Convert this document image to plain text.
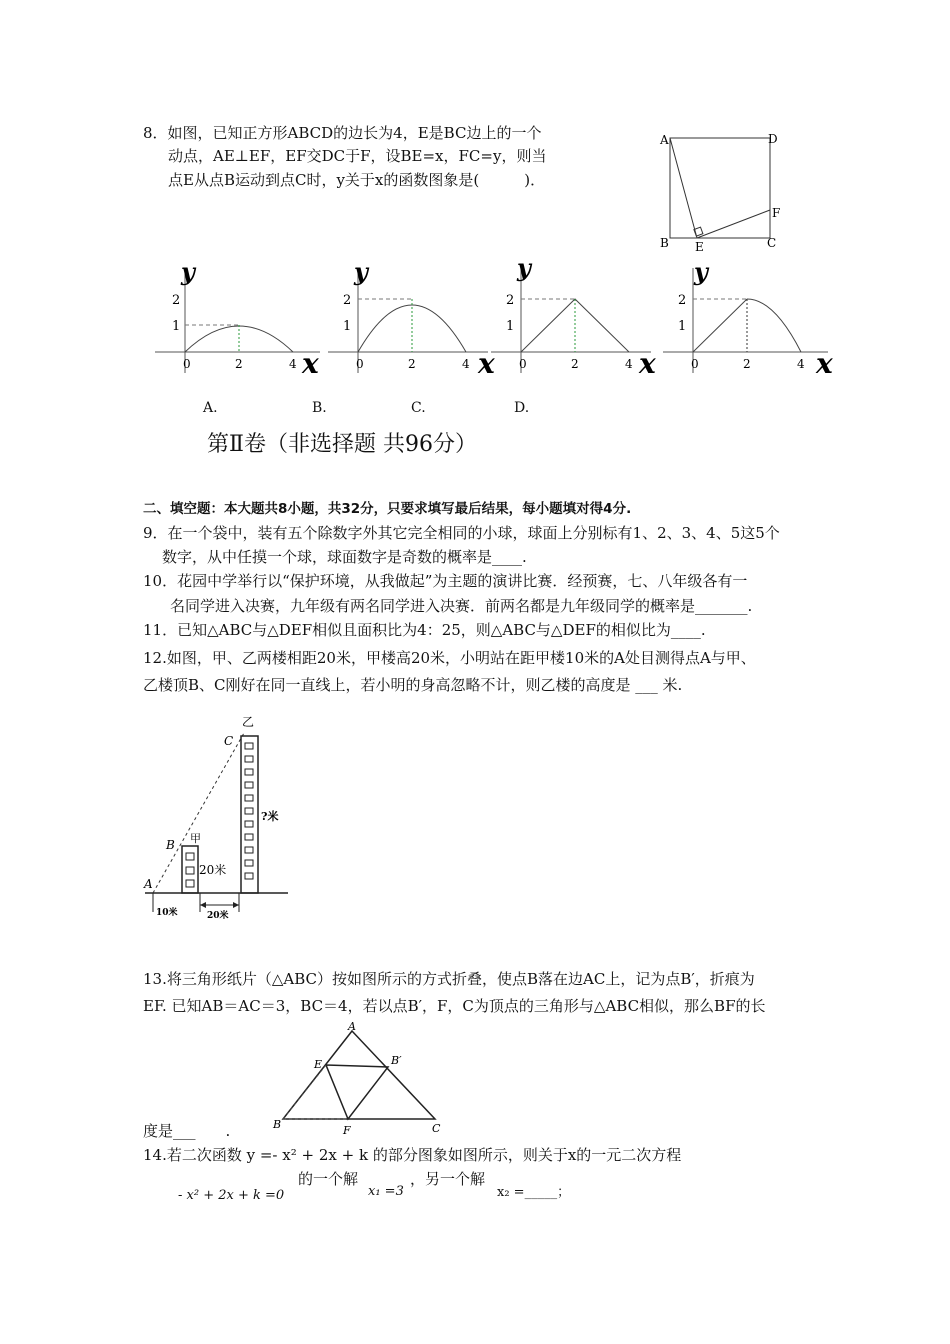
8．如图，已知正方形ABCD的边长为4，E是BC边上的一个
动点，AE⊥EF，EF交DC于F，设BE=x，FC=y，则当
点E从点B运动到点C时，y关于x的函数图象是(　　　)．
A	D
B E	C
F
y
2
1
0	2	4 x
y
2
1
0	2	4 x
y
2
1
0	2	4 x
y
2
1
0	2	4 x
A.	B.	C.	D.
第Ⅱ卷（非选择题 共96分）
二、填空题：本大题共8小题，共32分，只要求填写最后结果，每小题填对得4分.
9．在一个袋中，装有五个除数字外其它完全相同的小球，球面上分别标有1、2、3、4、5这5个
数字，从中任摸一个球，球面数字是奇数的概率是____.
10．花园中学举行以“保护环境，从我做起”为主题的演讲比赛．经预赛，七、八年级各有一
名同学进入决赛，九年级有两名同学进入决赛．前两名都是九年级同学的概率是_______.
11．已知△ABC与△DEF相似且面积比为4：25，则△ABC与△DEF的相似比为____.
12.如图，甲、乙两楼相距20米，甲楼高20米，小明站在距甲楼10米的A处目测得点A与甲、
乙楼顶B、C刚好在同一直线上，若小明的身高忽略不计，则乙楼的高度是 ___ 米.
乙
C
?米
B 甲
20米
A
10米	20米
13.将三角形纸片（△ABC）按如图所示的方式折叠，使点B落在边AC上，记为点B′，折痕为
EF. 已知AB＝AC＝3，BC＝4，若以点B′，F，C为顶点的三角形与△ABC相似，那么BF的长
A
E	B′
B	F	C
度是___　　.
14.若二次函数 y =- x² + 2x + k 的部分图象如图所示，则关于x的一元二次方程
- x² + 2x + k =0
的一个解
x₁ =3
，另一个解
x₂ =_____；
